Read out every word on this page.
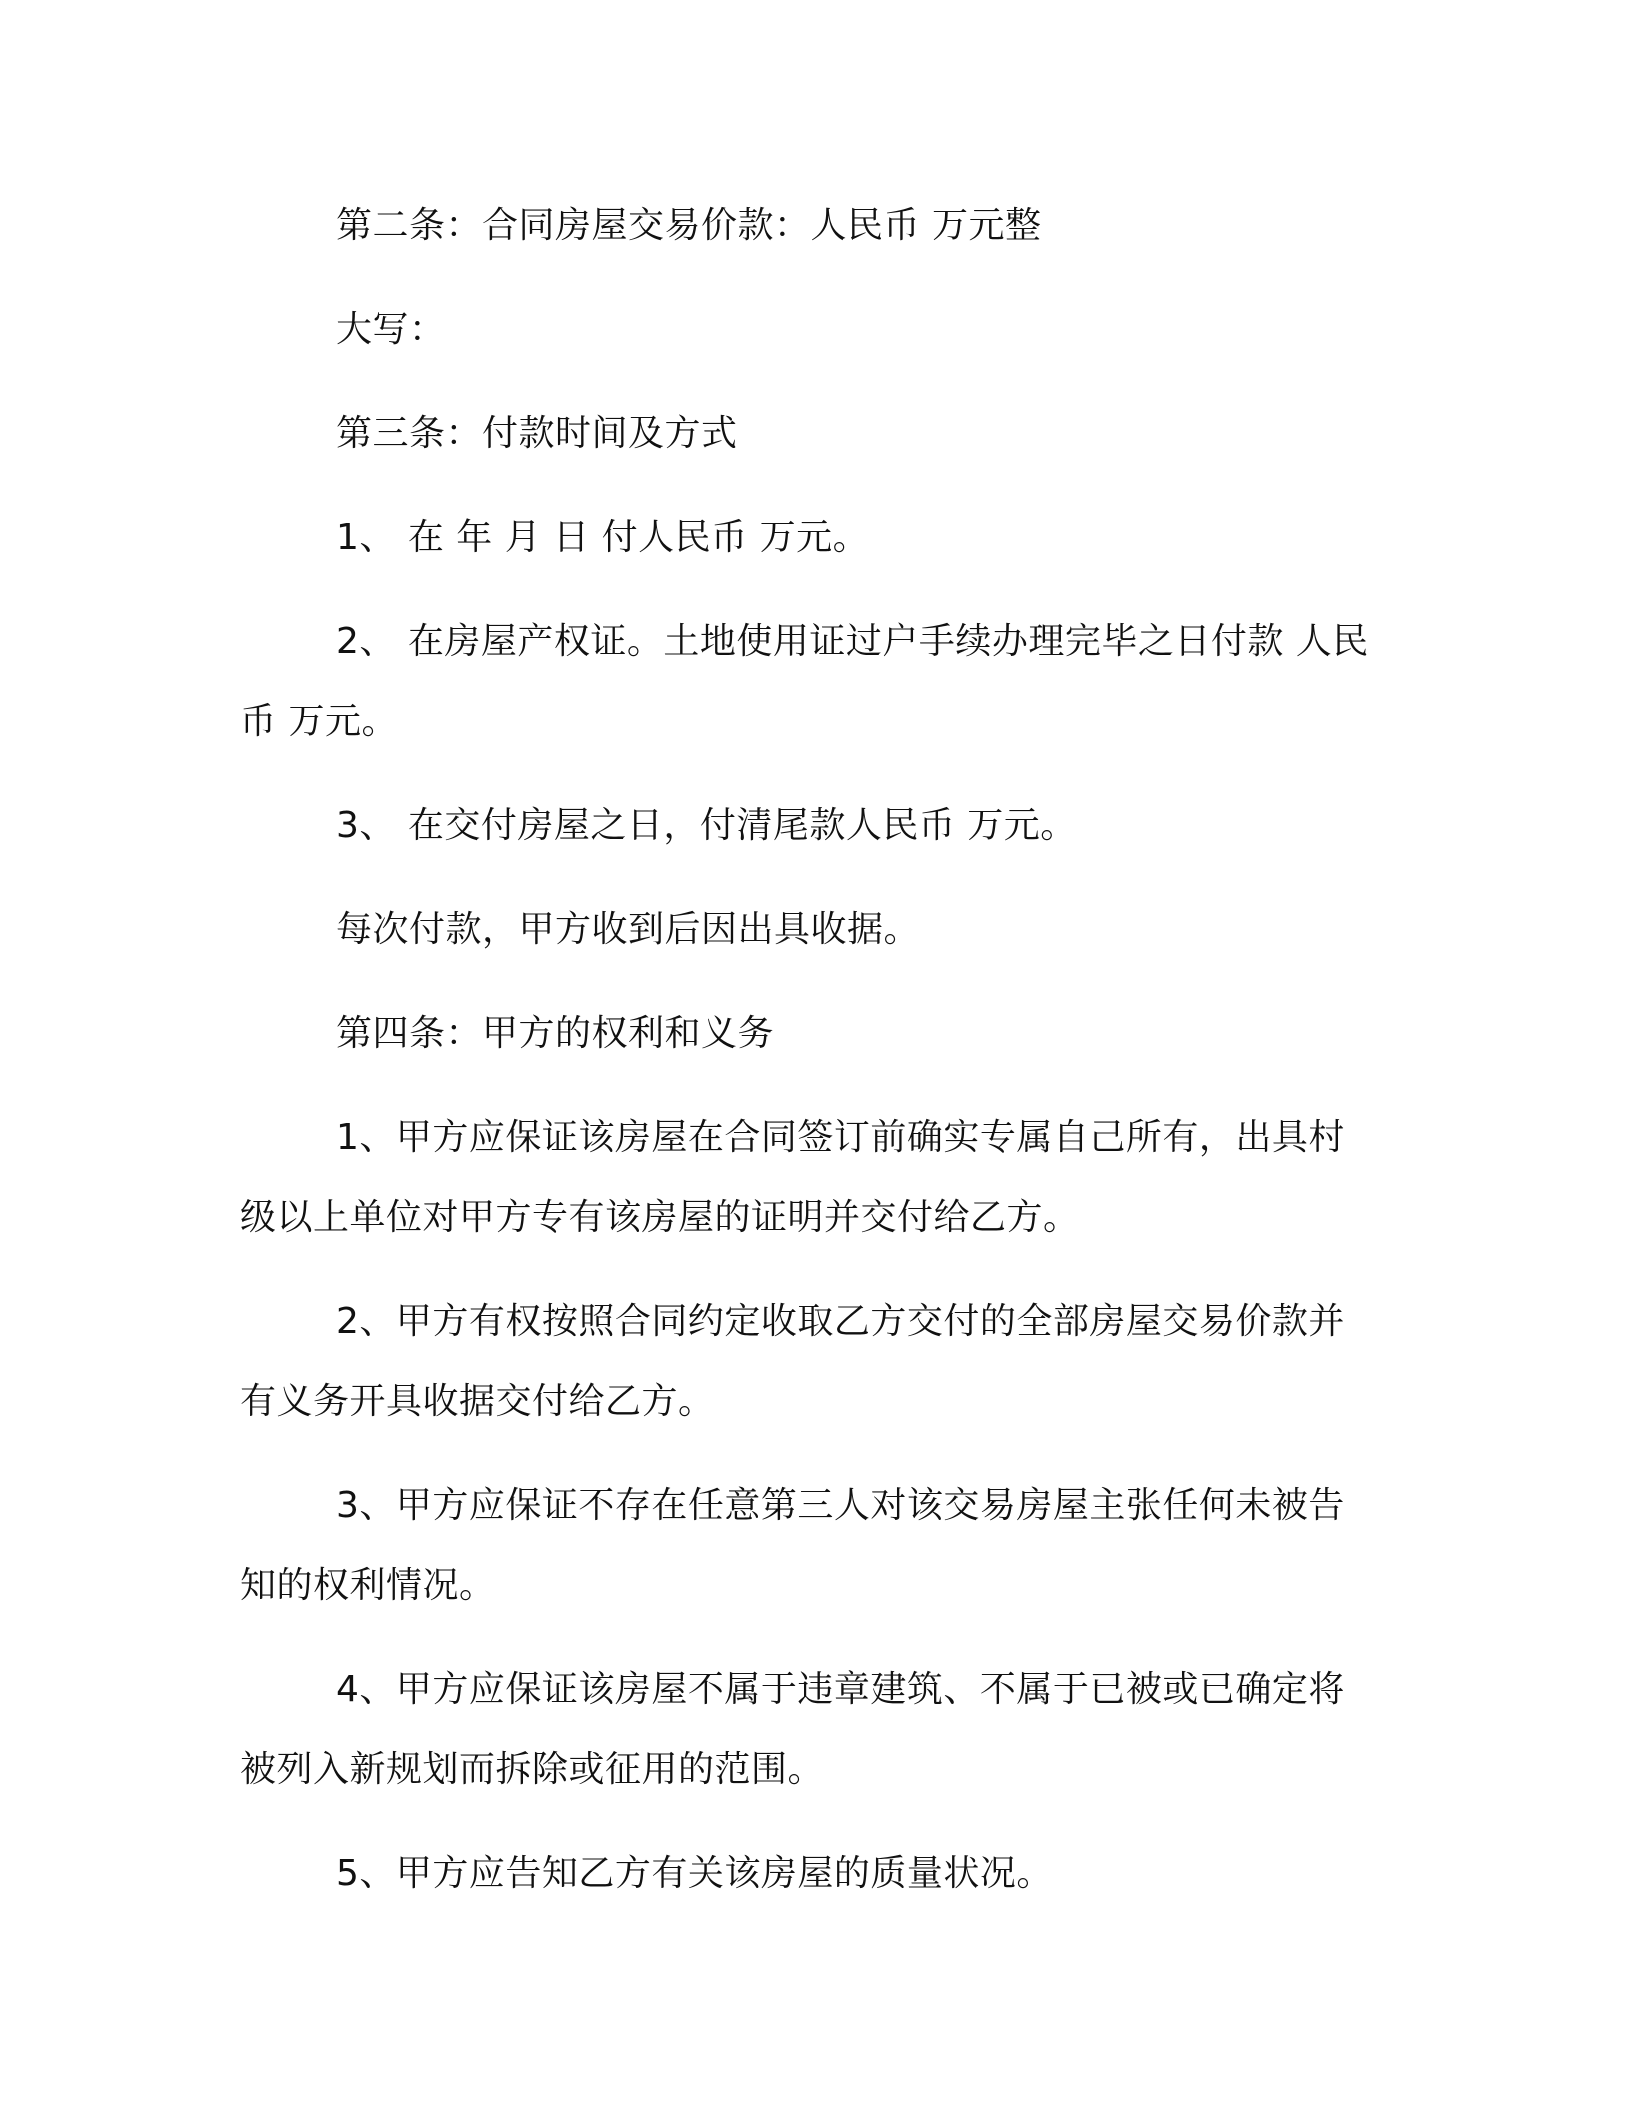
第二条：合同房屋交易价款：人民币 万元整

大写：

第三条：付款时间及方式

1、 在 年 月 日 付人民币 万元。

2、 在房屋产权证。土地使用证过户手续办理完毕之日付款 人民币 万元。

3、 在交付房屋之日，付清尾款人民币 万元。

每次付款，甲方收到后因出具收据。

第四条：甲方的权利和义务

1、甲方应保证该房屋在合同签订前确实专属自己所有，出具村级以上单位对甲方专有该房屋的证明并交付给乙方。

2、甲方有权按照合同约定收取乙方交付的全部房屋交易价款并有义务开具收据交付给乙方。

3、甲方应保证不存在任意第三人对该交易房屋主张任何未被告知的权利情况。

4、甲方应保证该房屋不属于违章建筑、不属于已被或已确定将被列入新规划而拆除或征用的范围。

5、甲方应告知乙方有关该房屋的质量状况。
